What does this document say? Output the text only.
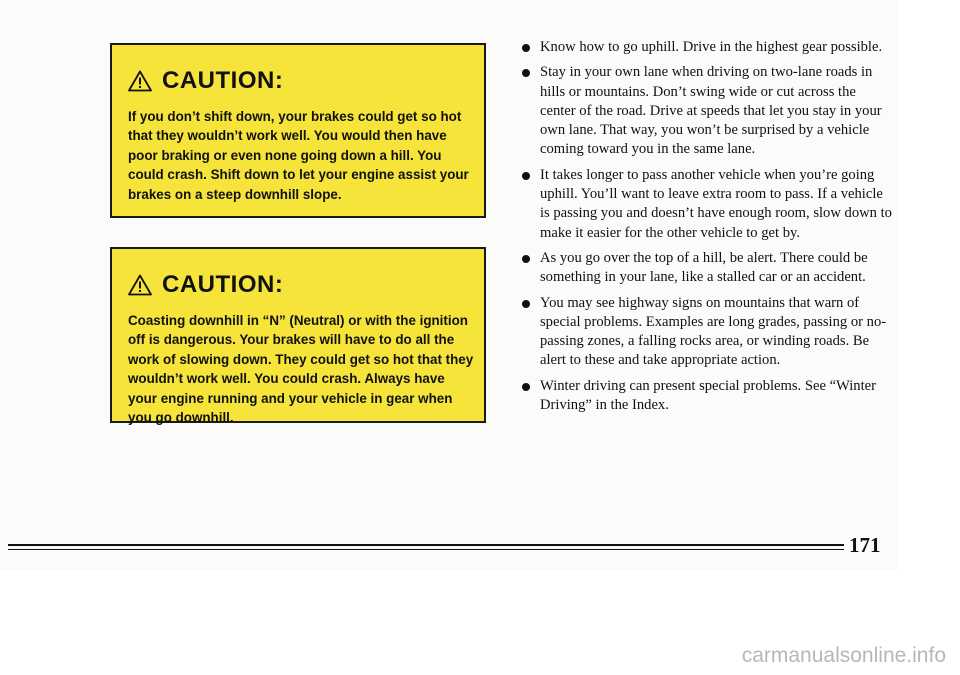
CAUTION:
If you don’t shift down, your brakes could get so hot that they wouldn’t work well. You would then have poor braking or even none going down a hill. You could crash. Shift down to let your engine assist your brakes on a steep downhill slope.
CAUTION:
Coasting downhill in “N” (Neutral) or with the ignition off is dangerous. Your brakes will have to do all the work of slowing down. They could get so hot that they wouldn’t work well. You could crash. Always have your engine running and your vehicle in gear when you go downhill.
Know how to go uphill. Drive in the highest gear possible.
Stay in your own lane when driving on two-lane roads in hills or mountains. Don’t swing wide or cut across the center of the road. Drive at speeds that let you stay in your own lane. That way, you won’t be surprised by a vehicle coming toward you in the same lane.
It takes longer to pass another vehicle when you’re going uphill. You’ll want to leave extra room to pass. If a vehicle is passing you and doesn’t have enough room, slow down to make it easier for the other vehicle to get by.
As you go over the top of a hill, be alert. There could be something in your lane, like a stalled car or an accident.
You may see highway signs on mountains that warn of special problems. Examples are long grades, passing or no-passing zones, a falling rocks area, or winding roads. Be alert to these and take appropriate action.
Winter driving can present special problems. See “Winter Driving” in the Index.
171
carmanualsonline.info
